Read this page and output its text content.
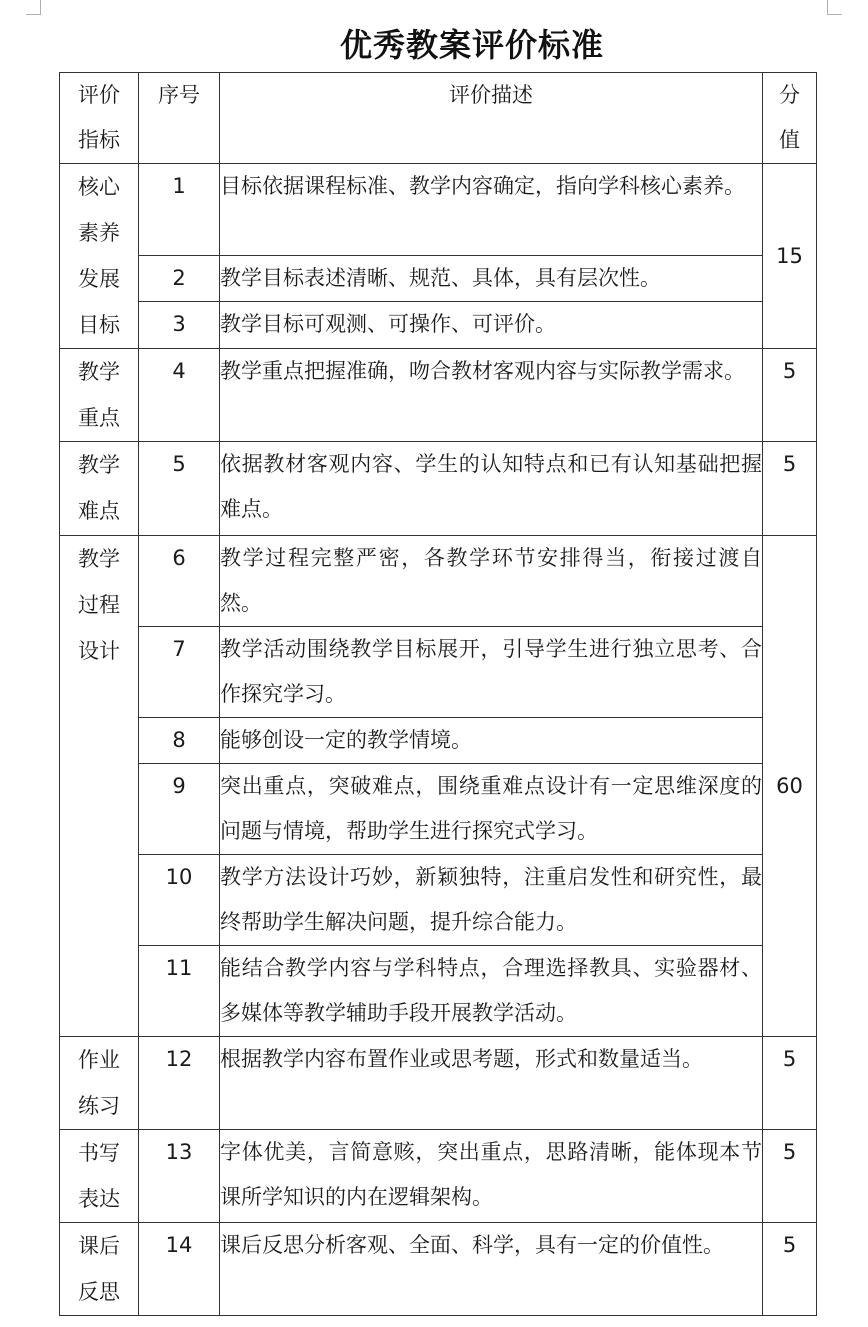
优秀教案评价标准
评价指标	序号	评价描述	分值
核心素养发展目标	1	目标依据课程标准、教学内容确定，指向学科核心素养。	15
	2	教学目标表述清晰、规范、具体，具有层次性。	
	3	教学目标可观测、可操作、可评价。	
教学重点	4	教学重点把握准确，吻合教材客观内容与实际教学需求。	5
教学难点	5	依据教材客观内容、学生的认知特点和已有认知基础把握难点。	5
教学过程设计	6	教学过程完整严密，各教学环节安排得当，衔接过渡自然。	60
	7	教学活动围绕教学目标展开，引导学生进行独立思考、合作探究学习。	
	8	能够创设一定的教学情境。	
	9	突出重点，突破难点，围绕重难点设计有一定思维深度的问题与情境，帮助学生进行探究式学习。	
	10	教学方法设计巧妙，新颖独特，注重启发性和研究性，最终帮助学生解决问题，提升综合能力。	
	11	能结合教学内容与学科特点，合理选择教具、实验器材、多媒体等教学辅助手段开展教学活动。	
作业练习	12	根据教学内容布置作业或思考题，形式和数量适当。	5
书写表达	13	字体优美，言简意赅，突出重点，思路清晰，能体现本节课所学知识的内在逻辑架构。	5
课后反思	14	课后反思分析客观、全面、科学，具有一定的价值性。	5
